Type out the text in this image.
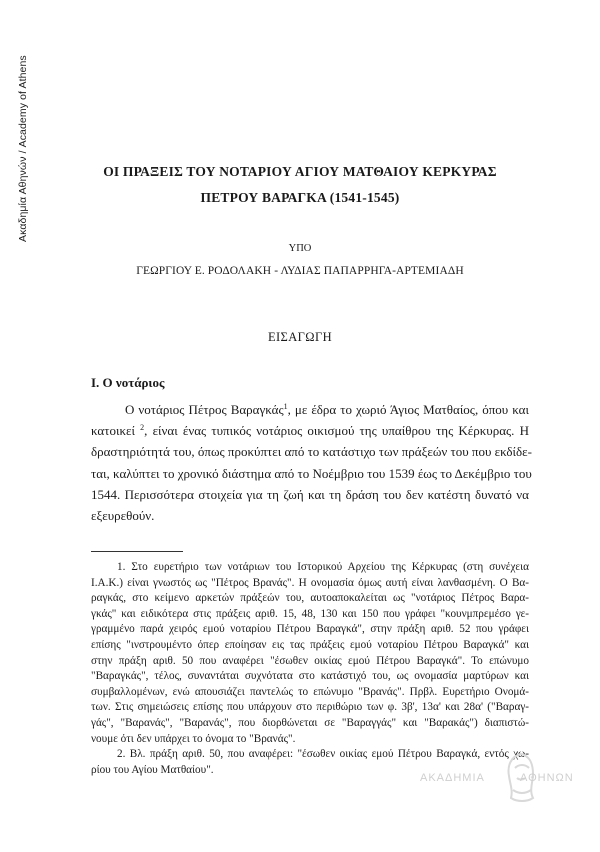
Ακαδημία Αθηνών / Academy of Athens	ΟΙ ΠΡΑΞΕΙΣ ΤΟΥ ΝΟΤΑΡΙΟΥ ΑΓΙΟΥ ΜΑΤΘΑΙΟΥ ΚΕΡΚΥΡΑΣ
ΠΕΤΡΟΥ ΒΑΡΑΓΚΑ (1541-1545)
ΥΠΟ
ΓΕΩΡΓΙΟΥ Ε. ΡΟΔΟΛΑΚΗ - ΛΥΔΙΑΣ ΠΑΠΑΡΡΗΓΑ-ΑΡΤΕΜΙΑΔΗ
ΕΙΣΑΓΩΓΗ
Ι. Ο νοτάριος
Ο νοτάριος Πέτρος Βαραγκάς$^1$, με έδρα το χωριό Άγιος Ματθαίος, όπου και
κατοικεί $^2$, είναι ένας τυπικός νοτάριος οικισμού της υπαίθρου της Κέρκυρας. Η
δραστηριότητά του, όπως προκύπτει από το κατάστιχο των πράξεών του που εκδίδε-
ται, καλύπτει το χρονικό διάστημα από το Νοέμβριο του 1539 έως το Δεκέμβριο του
1544. Περισσότερα στοιχεία για τη ζωή και τη δράση του δεν κατέστη δυνατό να
εξευρεθούν.
1. Στο ευρετήριο των νοτάριων του Ιστορικού Αρχείου της Κέρκυρας (στη συνέχεια
Ι.Α.Κ.) είναι γνωστός ως "Πέτρος Βρανάς". Η ονομασία όμως αυτή είναι λανθασμένη. Ο Βα-
ραγκάς, στο κείμενο αρκετών πράξεών του, αυτοαποκαλείται ως "νοτάριος Πέτρος Βαρα-
γκάς" και ειδικότερα στις πράξεις αριθ. 15, 48, 130 και 150 που γράφει "κουνμπρεμέσο γε-
γραμμένο παρά χειρός εμού νοταρίου Πέτρου Βαραγκά", στην πράξη αριθ. 52 που γράφει
επίσης "ινστρουμέντο όπερ εποίησαν εις τας πράξεις εμού νοταρίου Πέτρου Βαραγκά" και
στην πράξη αριθ. 50 που αναφέρει "έσωθεν οικίας εμού Πέτρου Βαραγκά". Το επώνυμο
"Βαραγκάς", τέλος, συναντάται συχνότατα στο κατάστιχό του, ως ονομασία μαρτύρων και
συμβαλλομένων, ενώ απουσιάζει παντελώς το επώνυμο "Βρανάς". Πρβλ. Ευρετήριο Ονομά-
των. Στις σημειώσεις επίσης που υπάρχουν στο περιθώριο των φ. 3β', 13α' και 28α' ("Βαραγ-
γάς", "Βαρανάς", "Βαρανάς", που διορθώνεται σε "Βαραγγάς" και "Βαρακάς") διαπιστώ-
νουμε ότι δεν υπάρχει το όνομα το "Βρανάς".
2. Βλ. πράξη αριθ. 50, που αναφέρει: "έσωθεν οικίας εμού Πέτρου Βαραγκά, εντός χω-
ρίου του Αγίου Ματθαίου".
ΑΚΑΔΗΜΙΑ	ΑΘΗΝΩΝ
